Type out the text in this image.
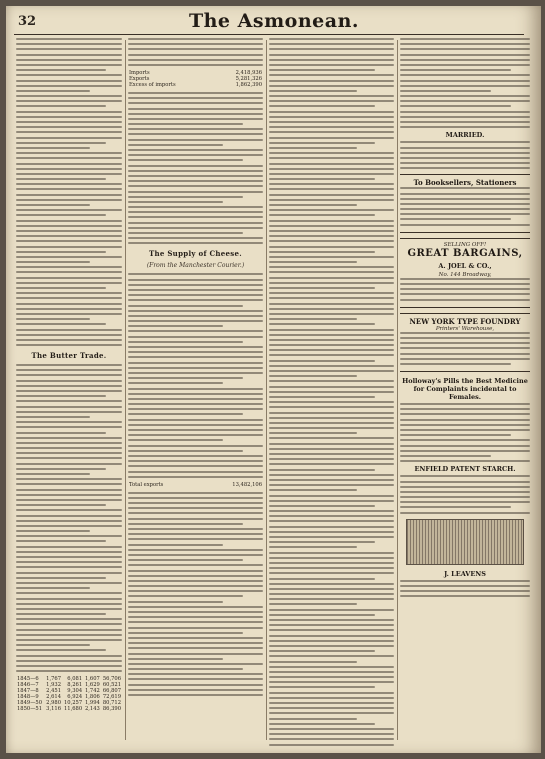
32	The Asmonean.
The Butter Trade.
1845—6	1,767	6,081	1,607	56,706
1846—7	1,932	8,261	1,629	60,521
1847—8	2,451	9,304	1,742	66,807
1848—9	2,614	6,924	1,806	72,619
1849—50	2,980	10,257	1,994	80,712
1850—51	3,116	11,680	2,143	86,390
Imports	2,418,936
Exports	5,281,326
Excess of imports	1,862,390
The Supply of Cheese.
(From the Manchester Courier.)
Total exports	13,482,106
MARRIED.
To Booksellers, Stationers
SELLING OFF!
GREAT BARGAINS,
A. JOEL & CO.,
No. 144 Broadway,
NEW YORK TYPE FOUNDRY
Printers' Warehouse,
Holloway's Pills the Best Medicine for Complaints incidental to Females.
ENFIELD PATENT STARCH.
J. LEAVENS
